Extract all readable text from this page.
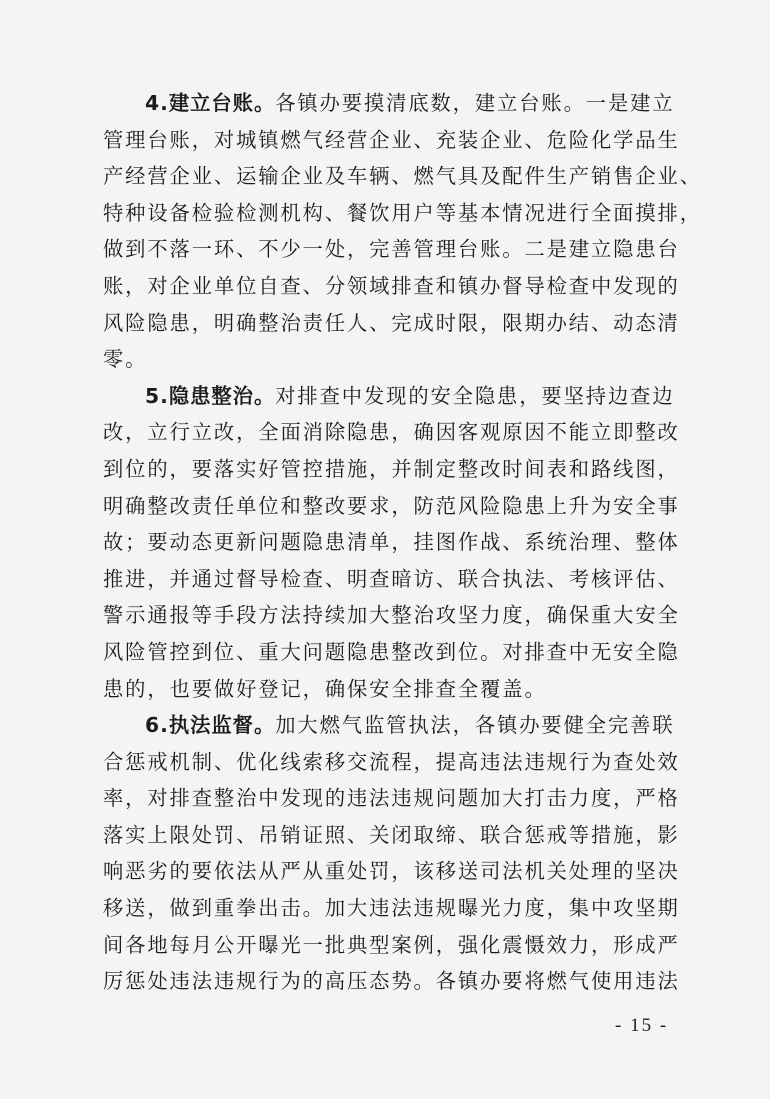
4.建立台账。各镇办要摸清底数，建立台账。一是建立
管理台账，对城镇燃气经营企业、充装企业、危险化学品生
产经营企业、运输企业及车辆、燃气具及配件生产销售企业、
特种设备检验检测机构、餐饮用户等基本情况进行全面摸排，
做到不落一环、不少一处，完善管理台账。二是建立隐患台
账，对企业单位自查、分领域排查和镇办督导检查中发现的
风险隐患，明确整治责任人、完成时限，限期办结、动态清
零。
5.隐患整治。对排查中发现的安全隐患，要坚持边查边
改，立行立改，全面消除隐患，确因客观原因不能立即整改
到位的，要落实好管控措施，并制定整改时间表和路线图，
明确整改责任单位和整改要求，防范风险隐患上升为安全事
故；要动态更新问题隐患清单，挂图作战、系统治理、整体
推进，并通过督导检查、明查暗访、联合执法、考核评估、
警示通报等手段方法持续加大整治攻坚力度，确保重大安全
风险管控到位、重大问题隐患整改到位。对排查中无安全隐
患的，也要做好登记，确保安全排查全覆盖。
6.执法监督。加大燃气监管执法，各镇办要健全完善联
合惩戒机制、优化线索移交流程，提高违法违规行为查处效
率，对排查整治中发现的违法违规问题加大打击力度，严格
落实上限处罚、吊销证照、关闭取缔、联合惩戒等措施，影
响恶劣的要依法从严从重处罚，该移送司法机关处理的坚决
移送，做到重拳出击。加大违法违规曝光力度，集中攻坚期
间各地每月公开曝光一批典型案例，强化震慑效力，形成严
厉惩处违法违规行为的高压态势。各镇办要将燃气使用违法
- 15 -
